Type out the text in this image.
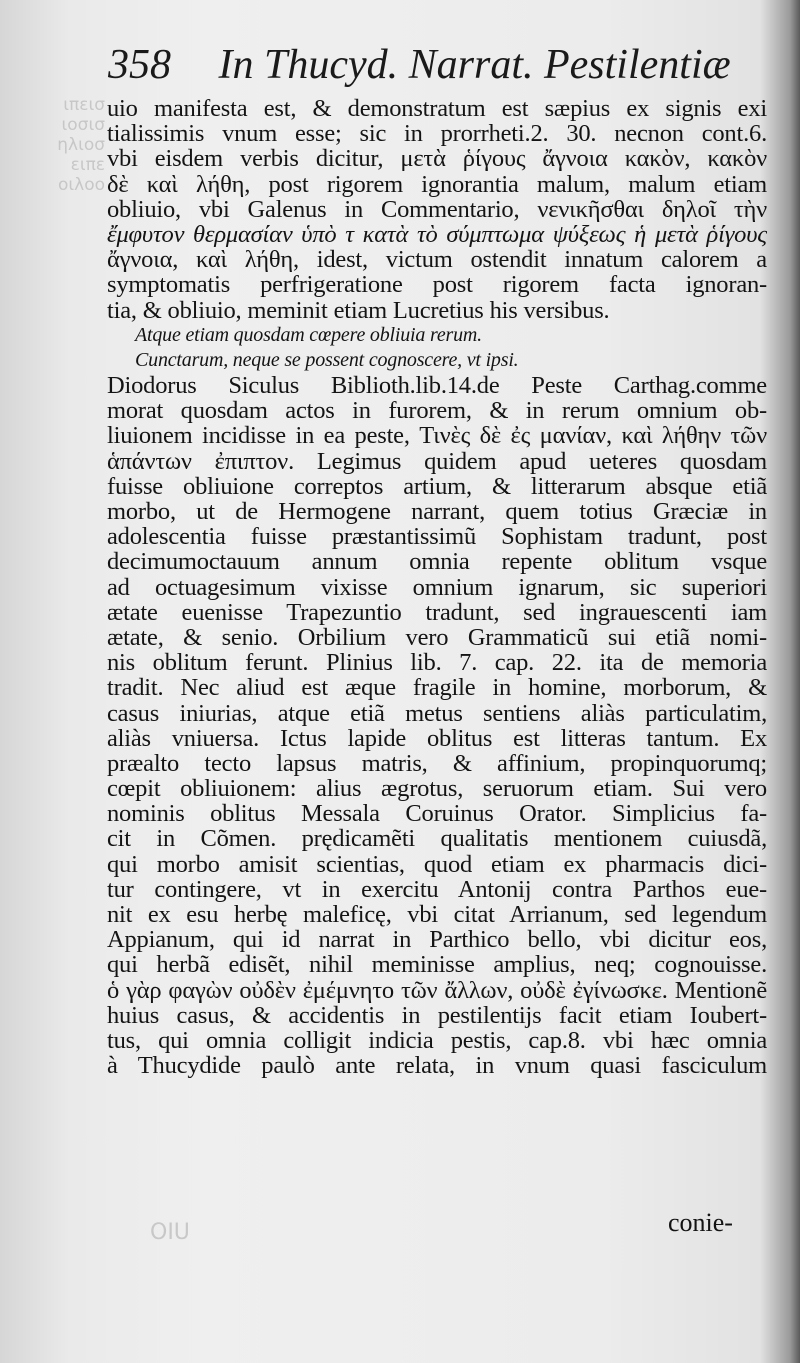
ιπεισ
ιοσισ
ηλιοσ
ειπε
οιλοο
358 In Thucyd. Narrat. Pestilentiæ
uio manifesta est, & demonstratum est sæpius ex signis exi
tialissimis vnum esse; sic in prorrheti.2. 30. necnon cont.6.
vbi eisdem verbis dicitur, μετὰ ῥίγους ἄγνοια κακὸν, κακὸν
δὲ καὶ λήθη, post rigorem ignorantia malum, malum etiam
obliuio, vbi Galenus in Commentario, νενικῆσθαι δηλοῖ τὴν
ἔμφυτον θερμασίαν ὑπὸ τ κατὰ τὸ σύμπτωμα ψύξεως ἡ μετὰ ῥίγους
ἄγνοια, καὶ λήθη, idest, victum ostendit innatum calorem a
symptomatis perfrigeratione post rigorem facta ignoran-
tia, & obliuio, meminit etiam Lucretius his versibus.
Atque etiam quosdam cœpere obliuia rerum.
Cunctarum, neque se possent cognoscere, vt ipsi.
Diodorus Siculus Biblioth.lib.14.de Peste Carthag.comme
morat quosdam actos in furorem, & in rerum omnium ob-
liuionem incidisse in ea peste, Τινὲς δὲ ἐς μανίαν, καὶ λήθην τῶν
ἁπάντων ἐπιπτον. Legimus quidem apud ueteres quosdam
fuisse obliuione correptos artium, & litterarum absque etiã
morbo, ut de Hermogene narrant, quem totius Græciæ in
adolescentia fuisse præstantissimũ Sophistam tradunt, post
decimumoctauum annum omnia repente oblitum vsque
ad octuagesimum vixisse omnium ignarum, sic superiori
ætate euenisse Trapezuntio tradunt, sed ingrauescenti iam
ætate, & senio. Orbilium vero Grammaticũ sui etiã nomi-
nis oblitum ferunt. Plinius lib. 7. cap. 22. ita de memoria
tradit. Nec aliud est æque fragile in homine, morborum, &
casus iniurias, atque etiã metus sentiens aliàs particulatim,
aliàs vniuersa. Ictus lapide oblitus est litteras tantum. Ex
præalto tecto lapsus matris, & affinium, propinquorumq;
cœpit obliuionem: alius ægrotus, seruorum etiam. Sui vero
nominis oblitus Messala Coruinus Orator. Simplicius fa-
cit in Cõmen. prędicamẽti qualitatis mentionem cuiusdã,
qui morbo amisit scientias, quod etiam ex pharmacis dici-
tur contingere, vt in exercitu Antonij contra Parthos eue-
nit ex esu herbę maleficę, vbi citat Arrianum, sed legendum
Appianum, qui id narrat in Parthico bello, vbi dicitur eos,
qui herbã edisẽt, nihil meminisse amplius, neq; cognouisse.
ὁ γὰρ φαγὼν οὐδὲν ἐμέμνητο τῶν ἄλλων, οὐδὲ ἐγίνωσκε. Mentionẽ
huius casus, & accidentis in pestilentijs facit etiam Ioubert-
tus, qui omnia colligit indicia pestis, cap.8. vbi hæc omnia
à Thucydide paulò ante relata, in vnum quasi fasciculum
OIU	conie-
